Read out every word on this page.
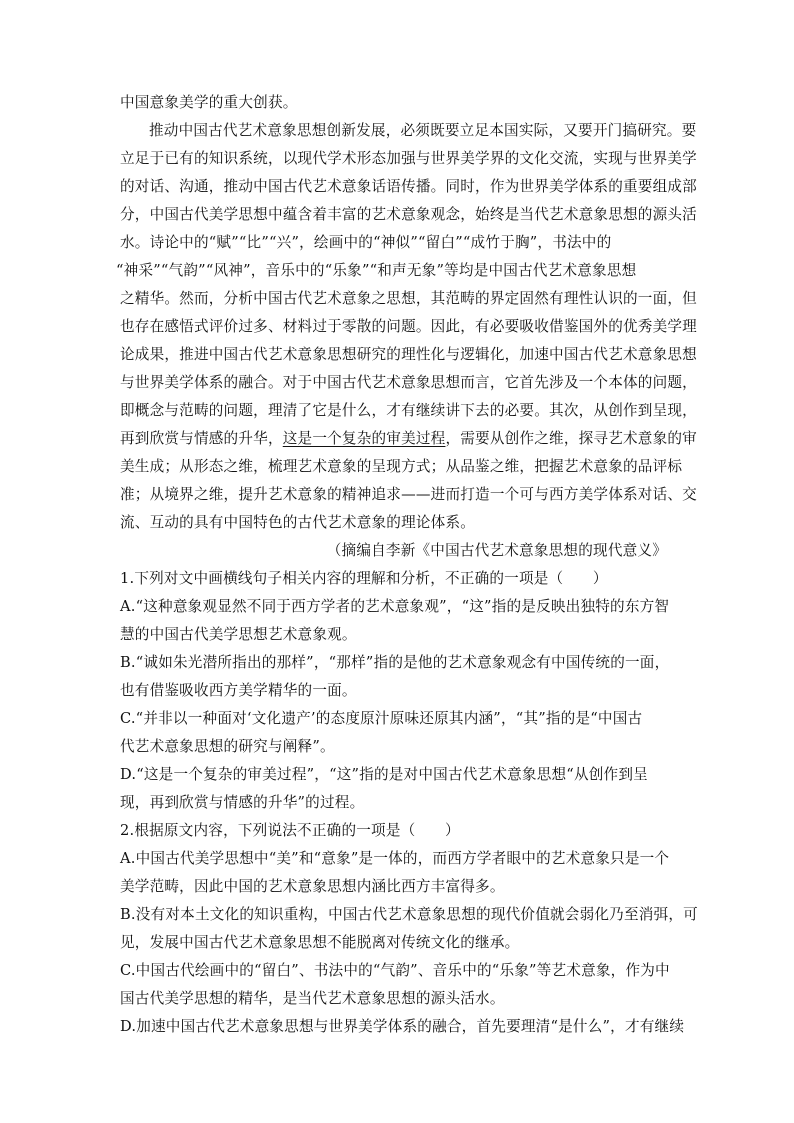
中国意象美学的重大创获。
推动中国古代艺术意象思想创新发展，必须既要立足本国实际，又要开门搞研究。要
立足于已有的知识系统，以现代学术形态加强与世界美学界的文化交流，实现与世界美学
的对话、沟通，推动中国古代艺术意象话语传播。同时，作为世界美学体系的重要组成部
分，中国古代美学思想中蕴含着丰富的艺术意象观念，始终是当代艺术意象思想的源头活
水。诗论中的“赋”“比”“兴”，绘画中的“神似”“留白”“成竹于胸”，书法中的
“神采”“气韵”“风神”，音乐中的“乐象”“和声无象”等均是中国古代艺术意象思想
之精华。然而，分析中国古代艺术意象之思想，其范畴的界定固然有理性认识的一面，但
也存在感悟式评价过多、材料过于零散的问题。因此，有必要吸收借鉴国外的优秀美学理
论成果，推进中国古代艺术意象思想研究的理性化与逻辑化，加速中国古代艺术意象思想
与世界美学体系的融合。对于中国古代艺术意象思想而言，它首先涉及一个本体的问题，
即概念与范畴的问题，理清了它是什么，才有继续讲下去的必要。其次，从创作到呈现，
再到欣赏与情感的升华，这是一个复杂的审美过程，需要从创作之维，探寻艺术意象的审
美生成；从形态之维，梳理艺术意象的呈现方式；从品鉴之维，把握艺术意象的品评标
准；从境界之维，提升艺术意象的精神追求——进而打造一个可与西方美学体系对话、交
流、互动的具有中国特色的古代艺术意象的理论体系。
（摘编自李新《中国古代艺术意象思想的现代意义》
1.下列对文中画横线句子相关内容的理解和分析，不正确的一项是（　　）
A.“这种意象观显然不同于西方学者的艺术意象观”，“这”指的是反映出独特的东方智
慧的中国古代美学思想艺术意象观。
B.“诚如朱光潜所指出的那样”，“那样”指的是他的艺术意象观念有中国传统的一面，
也有借鉴吸收西方美学精华的一面。
C.“并非以一种面对‘文化遗产’的态度原汁原味还原其内涵”，“其”指的是“中国古
代艺术意象思想的研究与阐释”。
D.“这是一个复杂的审美过程”，“这”指的是对中国古代艺术意象思想“从创作到呈
现，再到欣赏与情感的升华”的过程。
2.根据原文内容，下列说法不正确的一项是（　　）
A.中国古代美学思想中“美”和“意象”是一体的，而西方学者眼中的艺术意象只是一个
美学范畴，因此中国的艺术意象思想内涵比西方丰富得多。
B.没有对本土文化的知识重构，中国古代艺术意象思想的现代价值就会弱化乃至消弭，可
见，发展中国古代艺术意象思想不能脱离对传统文化的继承。
C.中国古代绘画中的“留白”、书法中的“气韵”、音乐中的“乐象”等艺术意象，作为中
国古代美学思想的精华，是当代艺术意象思想的源头活水。
D.加速中国古代艺术意象思想与世界美学体系的融合，首先要理清“是什么”，才有继续
